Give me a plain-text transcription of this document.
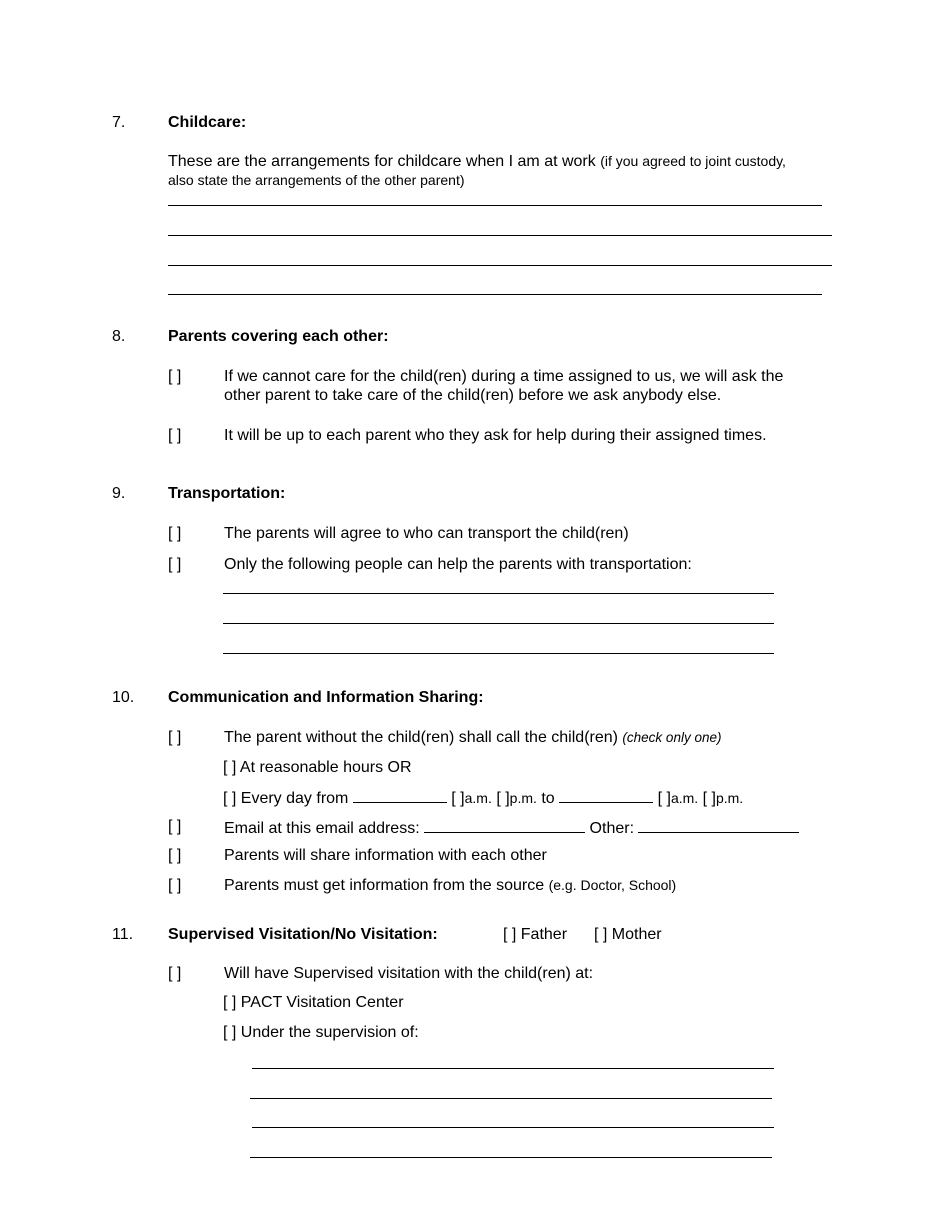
7.	Childcare:
These are the arrangements for childcare when I am at work (if you agreed to joint custody,
also state the arrangements of the other parent)
8.	Parents covering each other:
[ ]	If we cannot care for the child(ren) during a time assigned to us, we will ask the
other parent to take care of the child(ren) before we ask anybody else.
[ ]	It will be up to each parent who they ask for help during their assigned times.
9.	Transportation:
[ ]	The parents will agree to who can transport the child(ren)
[ ]	Only the following people can help the parents with transportation:
10. Communication and Information Sharing:
[ ]	The parent without the child(ren) shall call the child(ren) (check only one)
[ ] At reasonable hours OR
[ ] Every day from	[ ]a.m. [ ]p.m. to	[ ]a.m. [ ]p.m.
[ ]	Email at this email address:	Other:
[ ]	Parents will share information with each other
[ ]	Parents must get information from the source (e.g. Doctor, School)
11. Supervised Visitation/No Visitation:	[ ] Father [ ] Mother
[ ]	Will have Supervised visitation with the child(ren) at:
[ ] PACT Visitation Center
[ ] Under the supervision of:
